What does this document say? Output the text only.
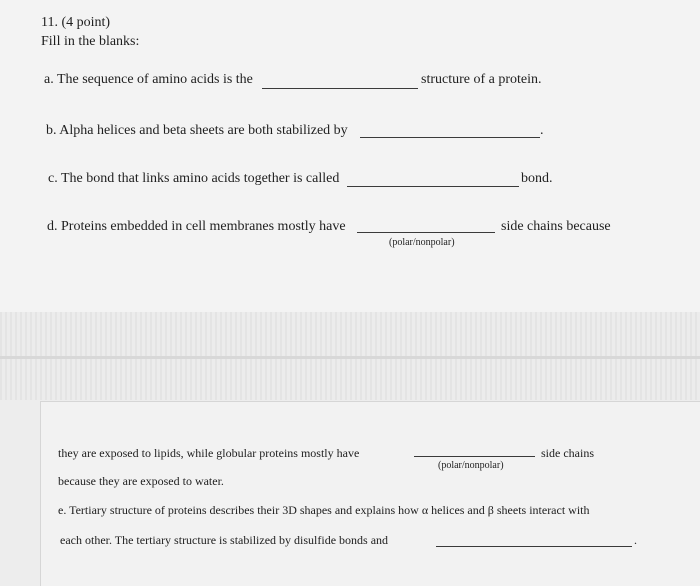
11. (4 point)
Fill in the blanks:
a. The sequence of amino acids is the	structure of a protein.
b. Alpha helices and beta sheets are both stabilized by	.
c. The bond that links amino acids together is called	bond.
d. Proteins embedded in cell membranes mostly have	side chains because
(polar/nonpolar)
they are exposed to lipids, while globular proteins mostly have	side chains
(polar/nonpolar)
because they are exposed to water.
e. Tertiary structure of proteins describes their 3D shapes and explains how α helices and β sheets interact with
each other. The tertiary structure is stabilized by disulfide bonds and	.
